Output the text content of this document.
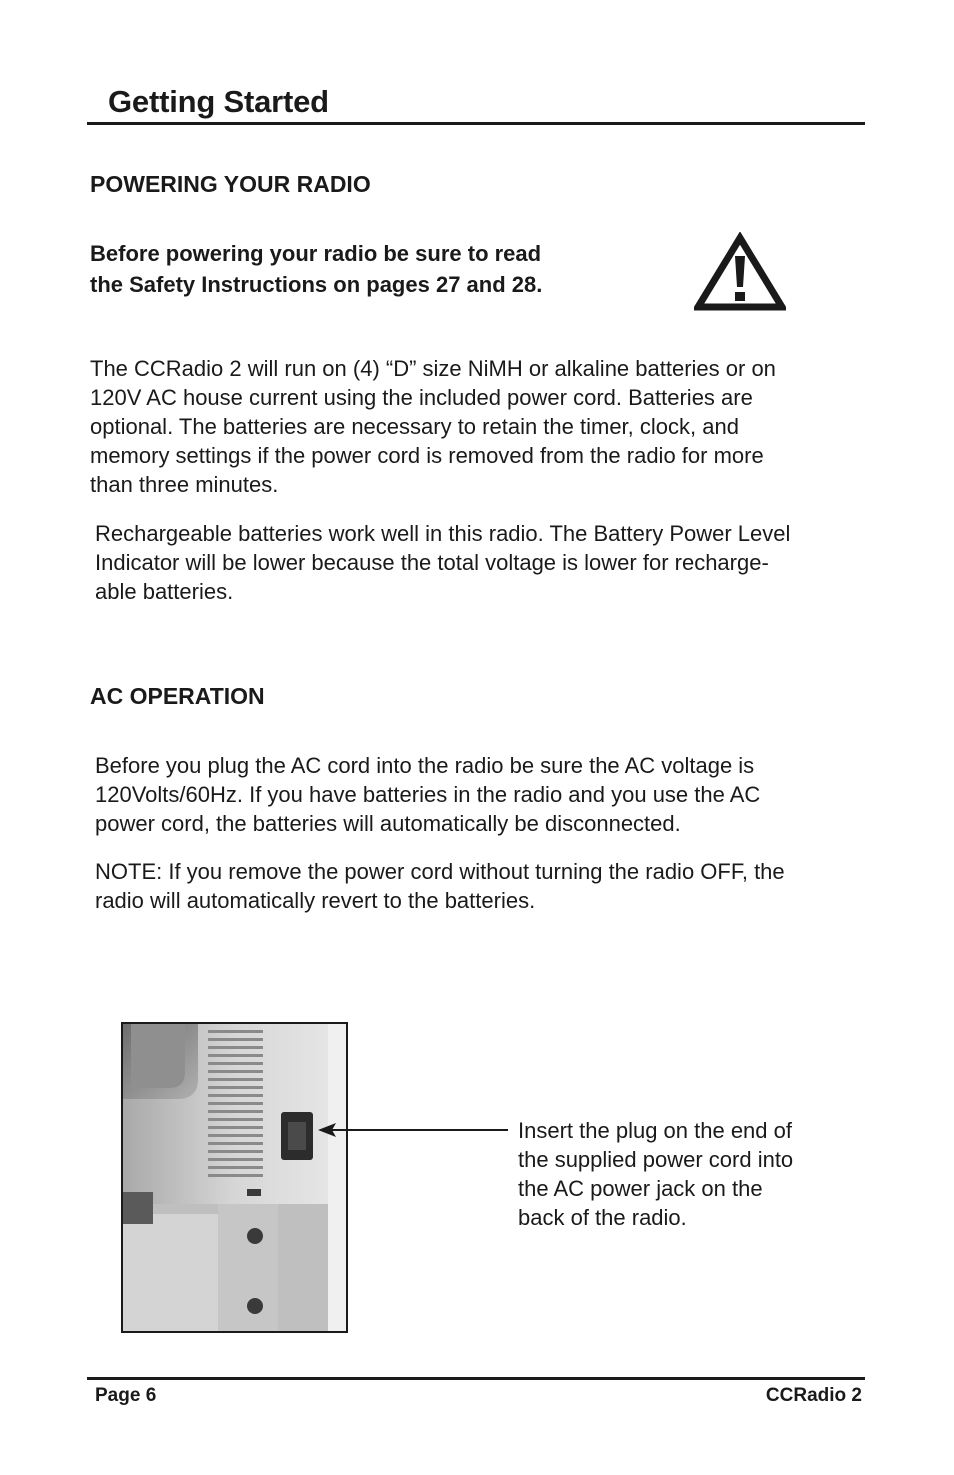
Getting Started
POWERING YOUR RADIO
Before powering your radio be sure to read
the Safety Instructions on pages 27 and 28.
The CCRadio 2 will run on (4) “D” size NiMH or alkaline batteries or on
120V AC house current using the included power cord. Batteries are
optional. The batteries are necessary to retain the timer, clock, and
memory settings if the power cord is removed from the radio for more
than three minutes.
Rechargeable batteries work well in this radio. The Battery Power Level
Indicator will be lower because the total voltage is lower for recharge-
able batteries.
AC OPERATION
Before you plug the AC cord into the radio be sure the AC voltage is
120Volts/60Hz. If you have batteries in the radio and you use the AC
power cord, the batteries will automatically be disconnected.
NOTE: If you remove the power cord without turning the radio OFF, the
radio will automatically revert to the batteries.
Insert the plug on the end of
the supplied power cord into
the AC power jack on the
back of the radio.
Page 6	CCRadio 2
